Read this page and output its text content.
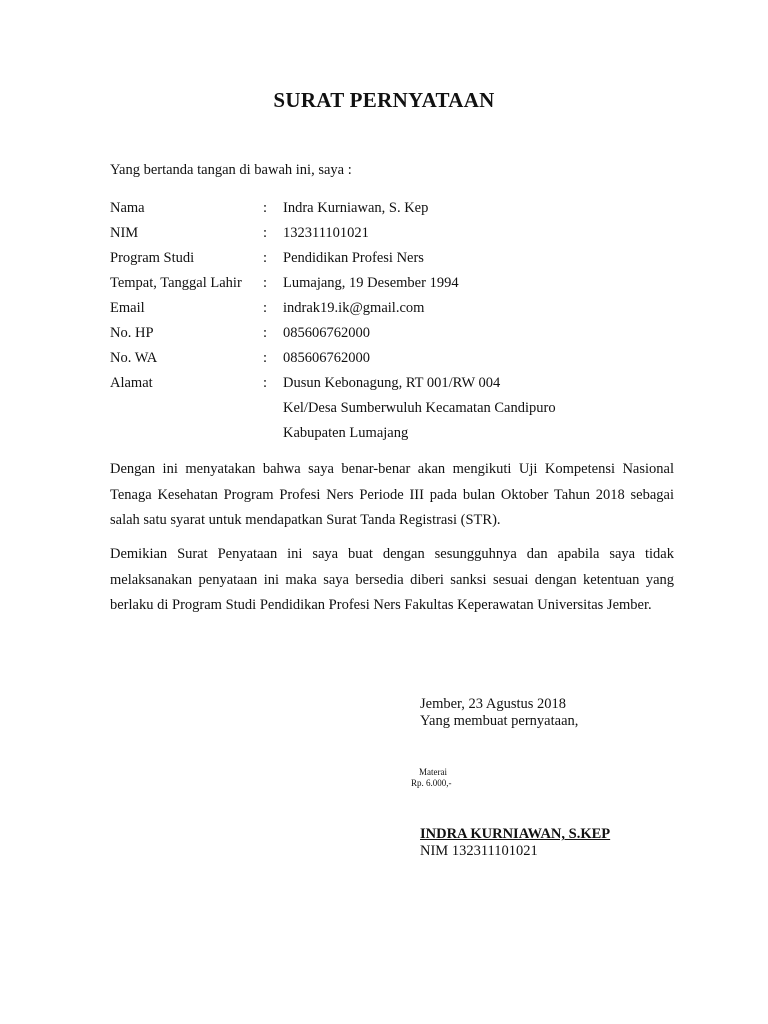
SURAT PERNYATAAN
Yang bertanda tangan di bawah ini, saya :
Nama	:	Indra Kurniawan, S. Kep
NIM	:	132311101021
Program Studi	:	Pendidikan Profesi Ners
Tempat, Tanggal Lahir	:	Lumajang, 19 Desember 1994
Email	:	indrak19.ik@gmail.com
No. HP	:	085606762000
No. WA	:	085606762000
Alamat	:	Dusun Kebonagung, RT 001/RW 004
Kel/Desa Sumberwuluh Kecamatan Candipuro
Kabupaten Lumajang

Dengan ini menyatakan bahwa saya benar-benar akan mengikuti Uji Kompetensi Nasional Tenaga Kesehatan Program Profesi Ners Periode III pada bulan Oktober Tahun 2018 sebagai salah satu syarat untuk mendapatkan Surat Tanda Registrasi (STR).

Demikian Surat Penyataan ini saya buat dengan sesungguhnya dan apabila saya tidak melaksanakan penyataan ini maka saya bersedia diberi sanksi sesuai dengan ketentuan yang berlaku di Program Studi Pendidikan Profesi Ners Fakultas Keperawatan Universitas Jember.

Jember, 23 Agustus 2018
Yang membuat pernyataan,
Materai
Rp. 6.000,-
INDRA KURNIAWAN, S.KEP
NIM 132311101021
